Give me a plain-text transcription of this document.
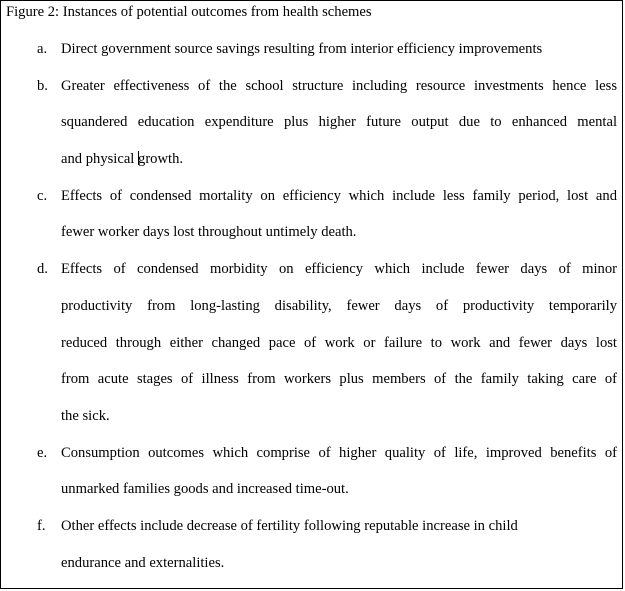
Figure 2: Instances of potential outcomes from health schemes
a. Direct government source savings resulting from interior efficiency improvements
b. Greater effectiveness of the school structure including resource investments hence less
squandered education expenditure plus higher future output due to enhanced mental
and physical growth.
c. Effects of condensed mortality on efficiency which include less family period, lost and
fewer worker days lost throughout untimely death.
d. Effects of condensed morbidity on efficiency which include fewer days of minor
productivity from long-lasting disability, fewer days of productivity temporarily
reduced through either changed pace of work or failure to work and fewer days lost
from acute stages of illness from workers plus members of the family taking care of
the sick.
e. Consumption outcomes which comprise of higher quality of life, improved benefits of
unmarked families goods and increased time-out.
f. Other effects include decrease of fertility following reputable increase in child
endurance and externalities.
